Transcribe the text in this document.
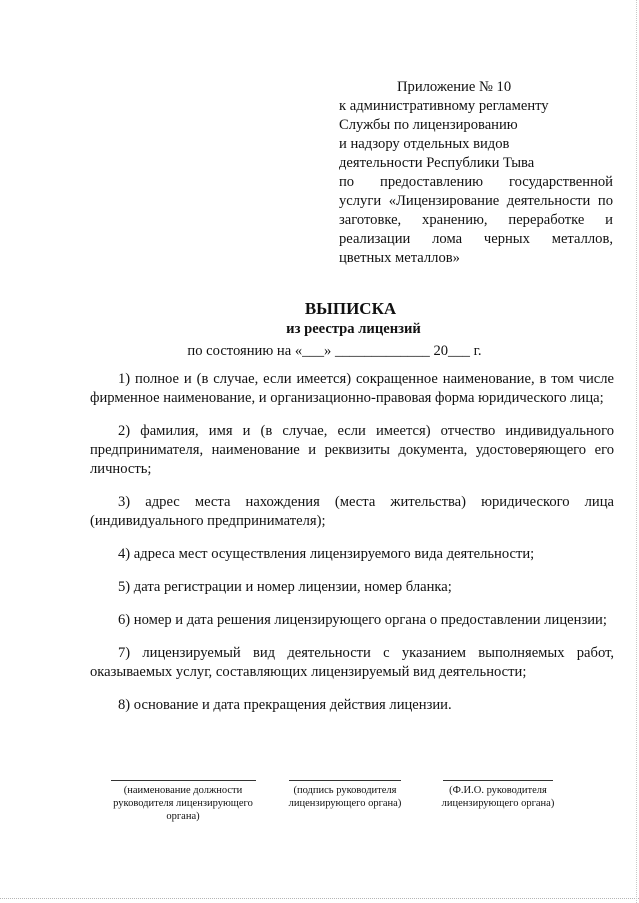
Приложение № 10
к административному регламенту
Службы по лицензированию
и надзору отдельных видов
деятельности Республики Тыва
по предоставлению государственной
услуги «Лицензирование деятельности по
заготовке, хранению, переработке и
реализации лома черных металлов,
цветных металлов»
ВЫПИСКА
из реестра лицензий
по состоянию на «___» _____________ 20___ г.

1) полное и (в случае, если имеется) сокращенное наименование, в том числе фирменное наименование, и организационно-правовая форма юридического лица;

2) фамилия, имя и (в случае, если имеется) отчество индивидуального предпринимателя, наименование и реквизиты документа, удостоверяющего его личность;

3) адрес места нахождения (места жительства) юридического лица (индивидуального предпринимателя);

4) адреса мест осуществления лицензируемого вида деятельности;

5) дата регистрации и номер лицензии, номер бланка;

6) номер и дата решения лицензирующего органа о предоставлении лицензии;

7) лицензируемый вид деятельности с указанием выполняемых работ, оказываемых услуг, составляющих лицензируемый вид деятельности;

8) основание и дата прекращения действия лицензии.

(наименование должности руководителя лицензирующего органа)
(подпись руководителя лицензирующего органа)
(Ф.И.О. руководителя лицензирующего органа)
